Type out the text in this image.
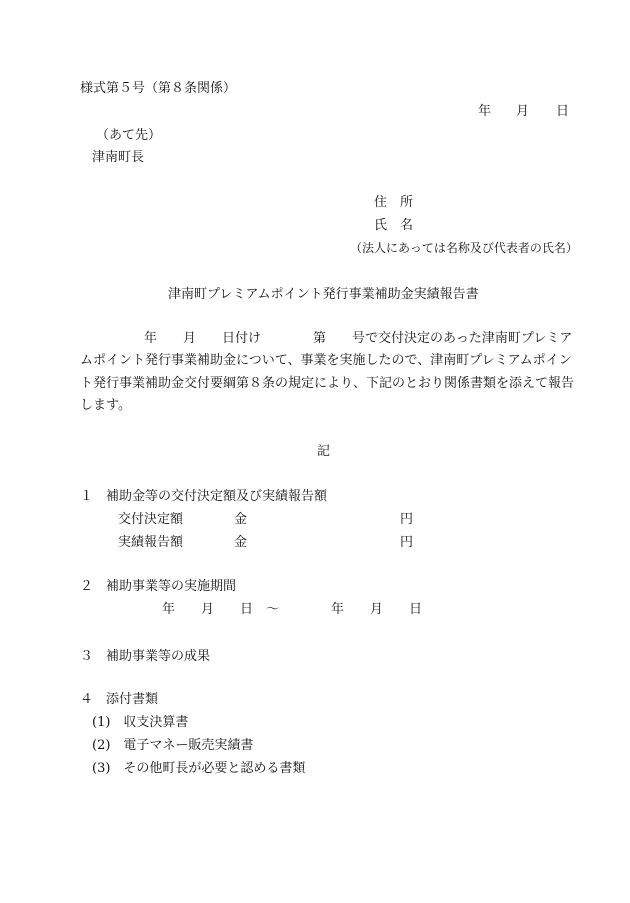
様式第５号（第８条関係）
年 月 日
（あて先）
津南町長
住　所
氏　名
（法人にあっては名称及び代表者の氏名）
津南町プレミアムポイント発行事業補助金実績報告書
年　　月　　日付け　　　　第　　号で交付決定のあった津南町プレミア
ムポイント発行事業補助金について、事業を実施したので、津南町プレミアムポイン
ト発行事業補助金交付要綱第８条の規定により、下記のとおり関係書類を添えて報告
します。
記
１　補助金等の交付決定額及び実績報告額
交付決定額	金	円
実績報告額	金	円
２　補助事業等の実施期間
年　　月　　日　～　　　　年　　月　　日
３　補助事業等の成果
４　添付書類
(1)　収支決算書
(2)　電子マネー販売実績書
(3)　その他町長が必要と認める書類
